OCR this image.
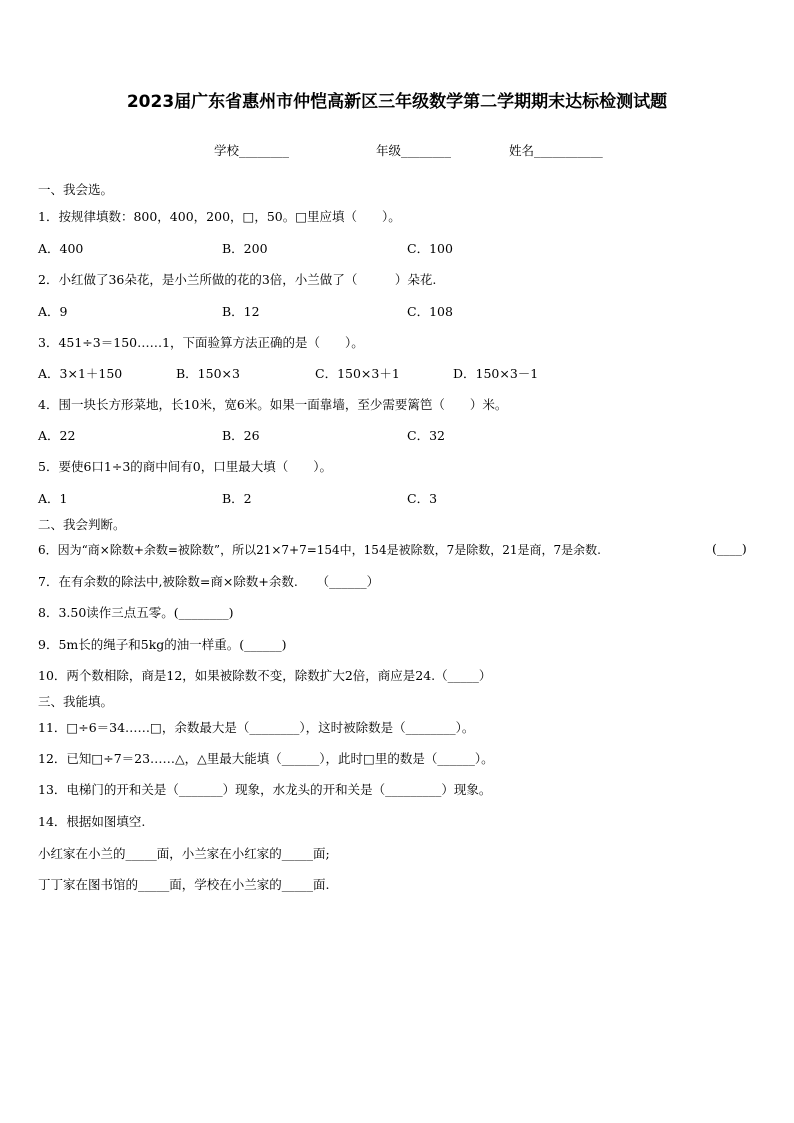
2023届广东省惠州市仲恺高新区三年级数学第二学期期末达标检测试题
学校________	年级________	姓名___________
一、我会选。
1．按规律填数：800，400，200，□，50。□里应填（　　）。
A．400	B．200	C．100
2．小红做了36朵花，是小兰所做的花的3倍，小兰做了（　　　）朵花.
A．9	B．12	C．108
3．451÷3＝150……1，下面验算方法正确的是（　　）。
A．3×1＋150	B．150×3	C．150×3＋1	D．150×3－1
4．围一块长方形菜地，长10米，宽6米。如果一面靠墙，至少需要篱笆（　　）米。
A．22	B．26	C．32
5．要使6口1÷3的商中间有0，口里最大填（　　）。
A．1	B．2	C．3
二、我会判断。
6．因为“商×除数+余数=被除数”，所以21×7+7=154中，154是被除数，7是除数，21是商，7是余数.	(____)
7．在有余数的除法中,被除数=商×除数+余数.　　（______）
8．3.50读作三点五零。(________)
9．5m长的绳子和5kg的油一样重。(______)
10．两个数相除，商是12，如果被除数不变，除数扩大2倍，商应是24.（_____）
三、我能填。
11．□÷6＝34……□，余数最大是（________），这时被除数是（________）。
12．已知□÷7＝23……△，△里最大能填（______），此时□里的数是（______）。
13．电梯门的开和关是（_______）现象，水龙头的开和关是（_________）现象。
14．根据如图填空.
小红家在小兰的_____面，小兰家在小红家的_____面;
丁丁家在图书馆的_____面，学校在小兰家的_____面.
